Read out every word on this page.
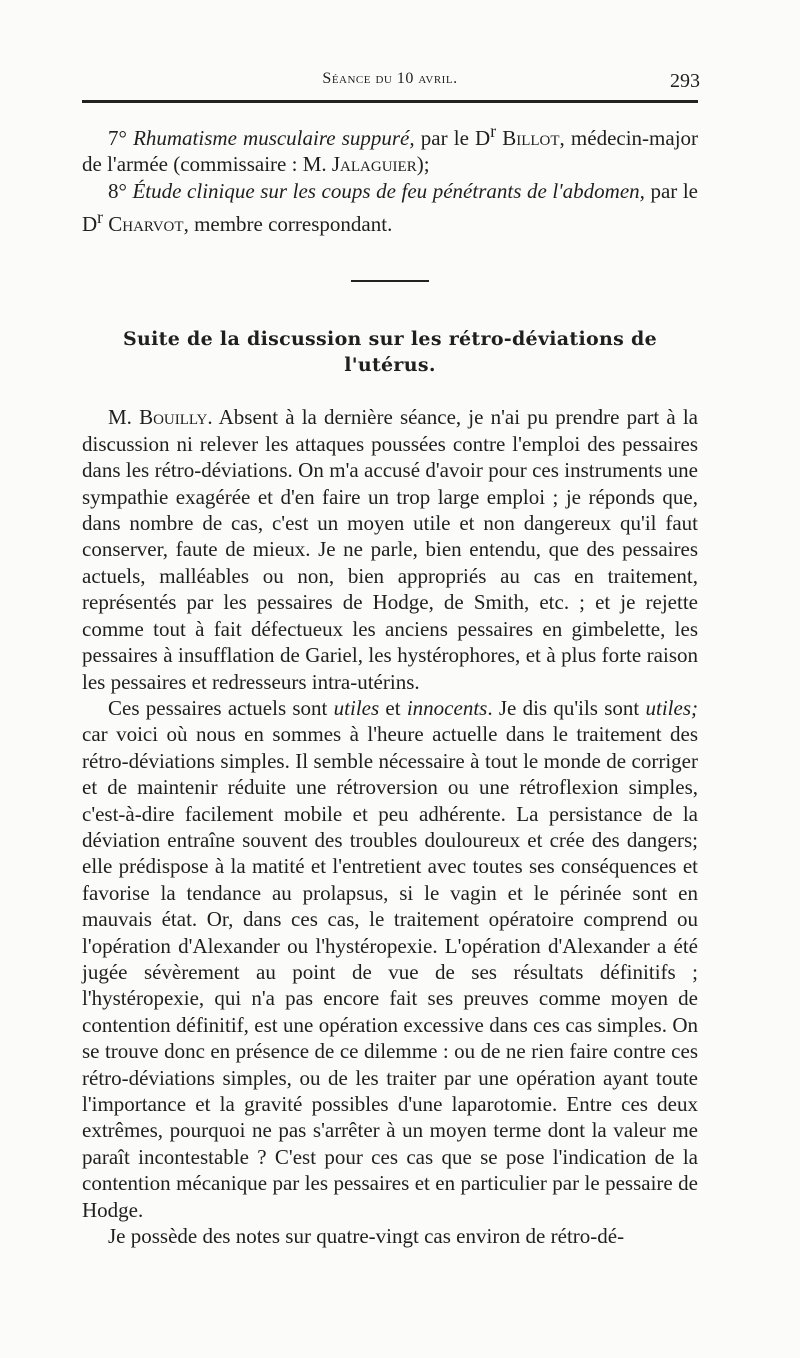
Séance du 10 avril.	293

7° Rhumatisme musculaire suppuré, par le $D^r$ Billot, médecin-major de l'armée (commissaire : M. Jalaguier);

8° Étude clinique sur les coups de feu pénétrants de l'abdomen, par le $D^r$ Charvot, membre correspondant.

Suite de la discussion sur les rétro-déviations de l'utérus.

M. Bouilly. Absent à la dernière séance, je n'ai pu prendre part à la discussion ni relever les attaques poussées contre l'emploi des pessaires dans les rétro-déviations. On m'a accusé d'avoir pour ces instruments une sympathie exagérée et d'en faire un trop large emploi ; je réponds que, dans nombre de cas, c'est un moyen utile et non dangereux qu'il faut conserver, faute de mieux. Je ne parle, bien entendu, que des pessaires actuels, malléables ou non, bien appropriés au cas en traitement, représentés par les pessaires de Hodge, de Smith, etc. ; et je rejette comme tout à fait défectueux les anciens pessaires en gimbelette, les pessaires à insufflation de Gariel, les hystérophores, et à plus forte raison les pessaires et redresseurs intra-utérins.

Ces pessaires actuels sont utiles et innocents. Je dis qu'ils sont utiles; car voici où nous en sommes à l'heure actuelle dans le traitement des rétro-déviations simples. Il semble nécessaire à tout le monde de corriger et de maintenir réduite une rétroversion ou une rétroflexion simples, c'est-à-dire facilement mobile et peu adhérente. La persistance de la déviation entraîne souvent des troubles douloureux et crée des dangers; elle prédispose à la matité et l'entretient avec toutes ses conséquences et favorise la tendance au prolapsus, si le vagin et le périnée sont en mauvais état. Or, dans ces cas, le traitement opératoire comprend ou l'opération d'Alexander ou l'hystéropexie. L'opération d'Alexander a été jugée sévèrement au point de vue de ses résultats définitifs ; l'hystéropexie, qui n'a pas encore fait ses preuves comme moyen de contention définitif, est une opération excessive dans ces cas simples. On se trouve donc en présence de ce dilemme : ou de ne rien faire contre ces rétro-déviations simples, ou de les traiter par une opération ayant toute l'importance et la gravité possibles d'une laparotomie. Entre ces deux extrêmes, pourquoi ne pas s'arrêter à un moyen terme dont la valeur me paraît incontestable ? C'est pour ces cas que se pose l'indication de la contention mécanique par les pessaires et en particulier par le pessaire de Hodge.

Je possède des notes sur quatre-vingt cas environ de rétro-dé-
